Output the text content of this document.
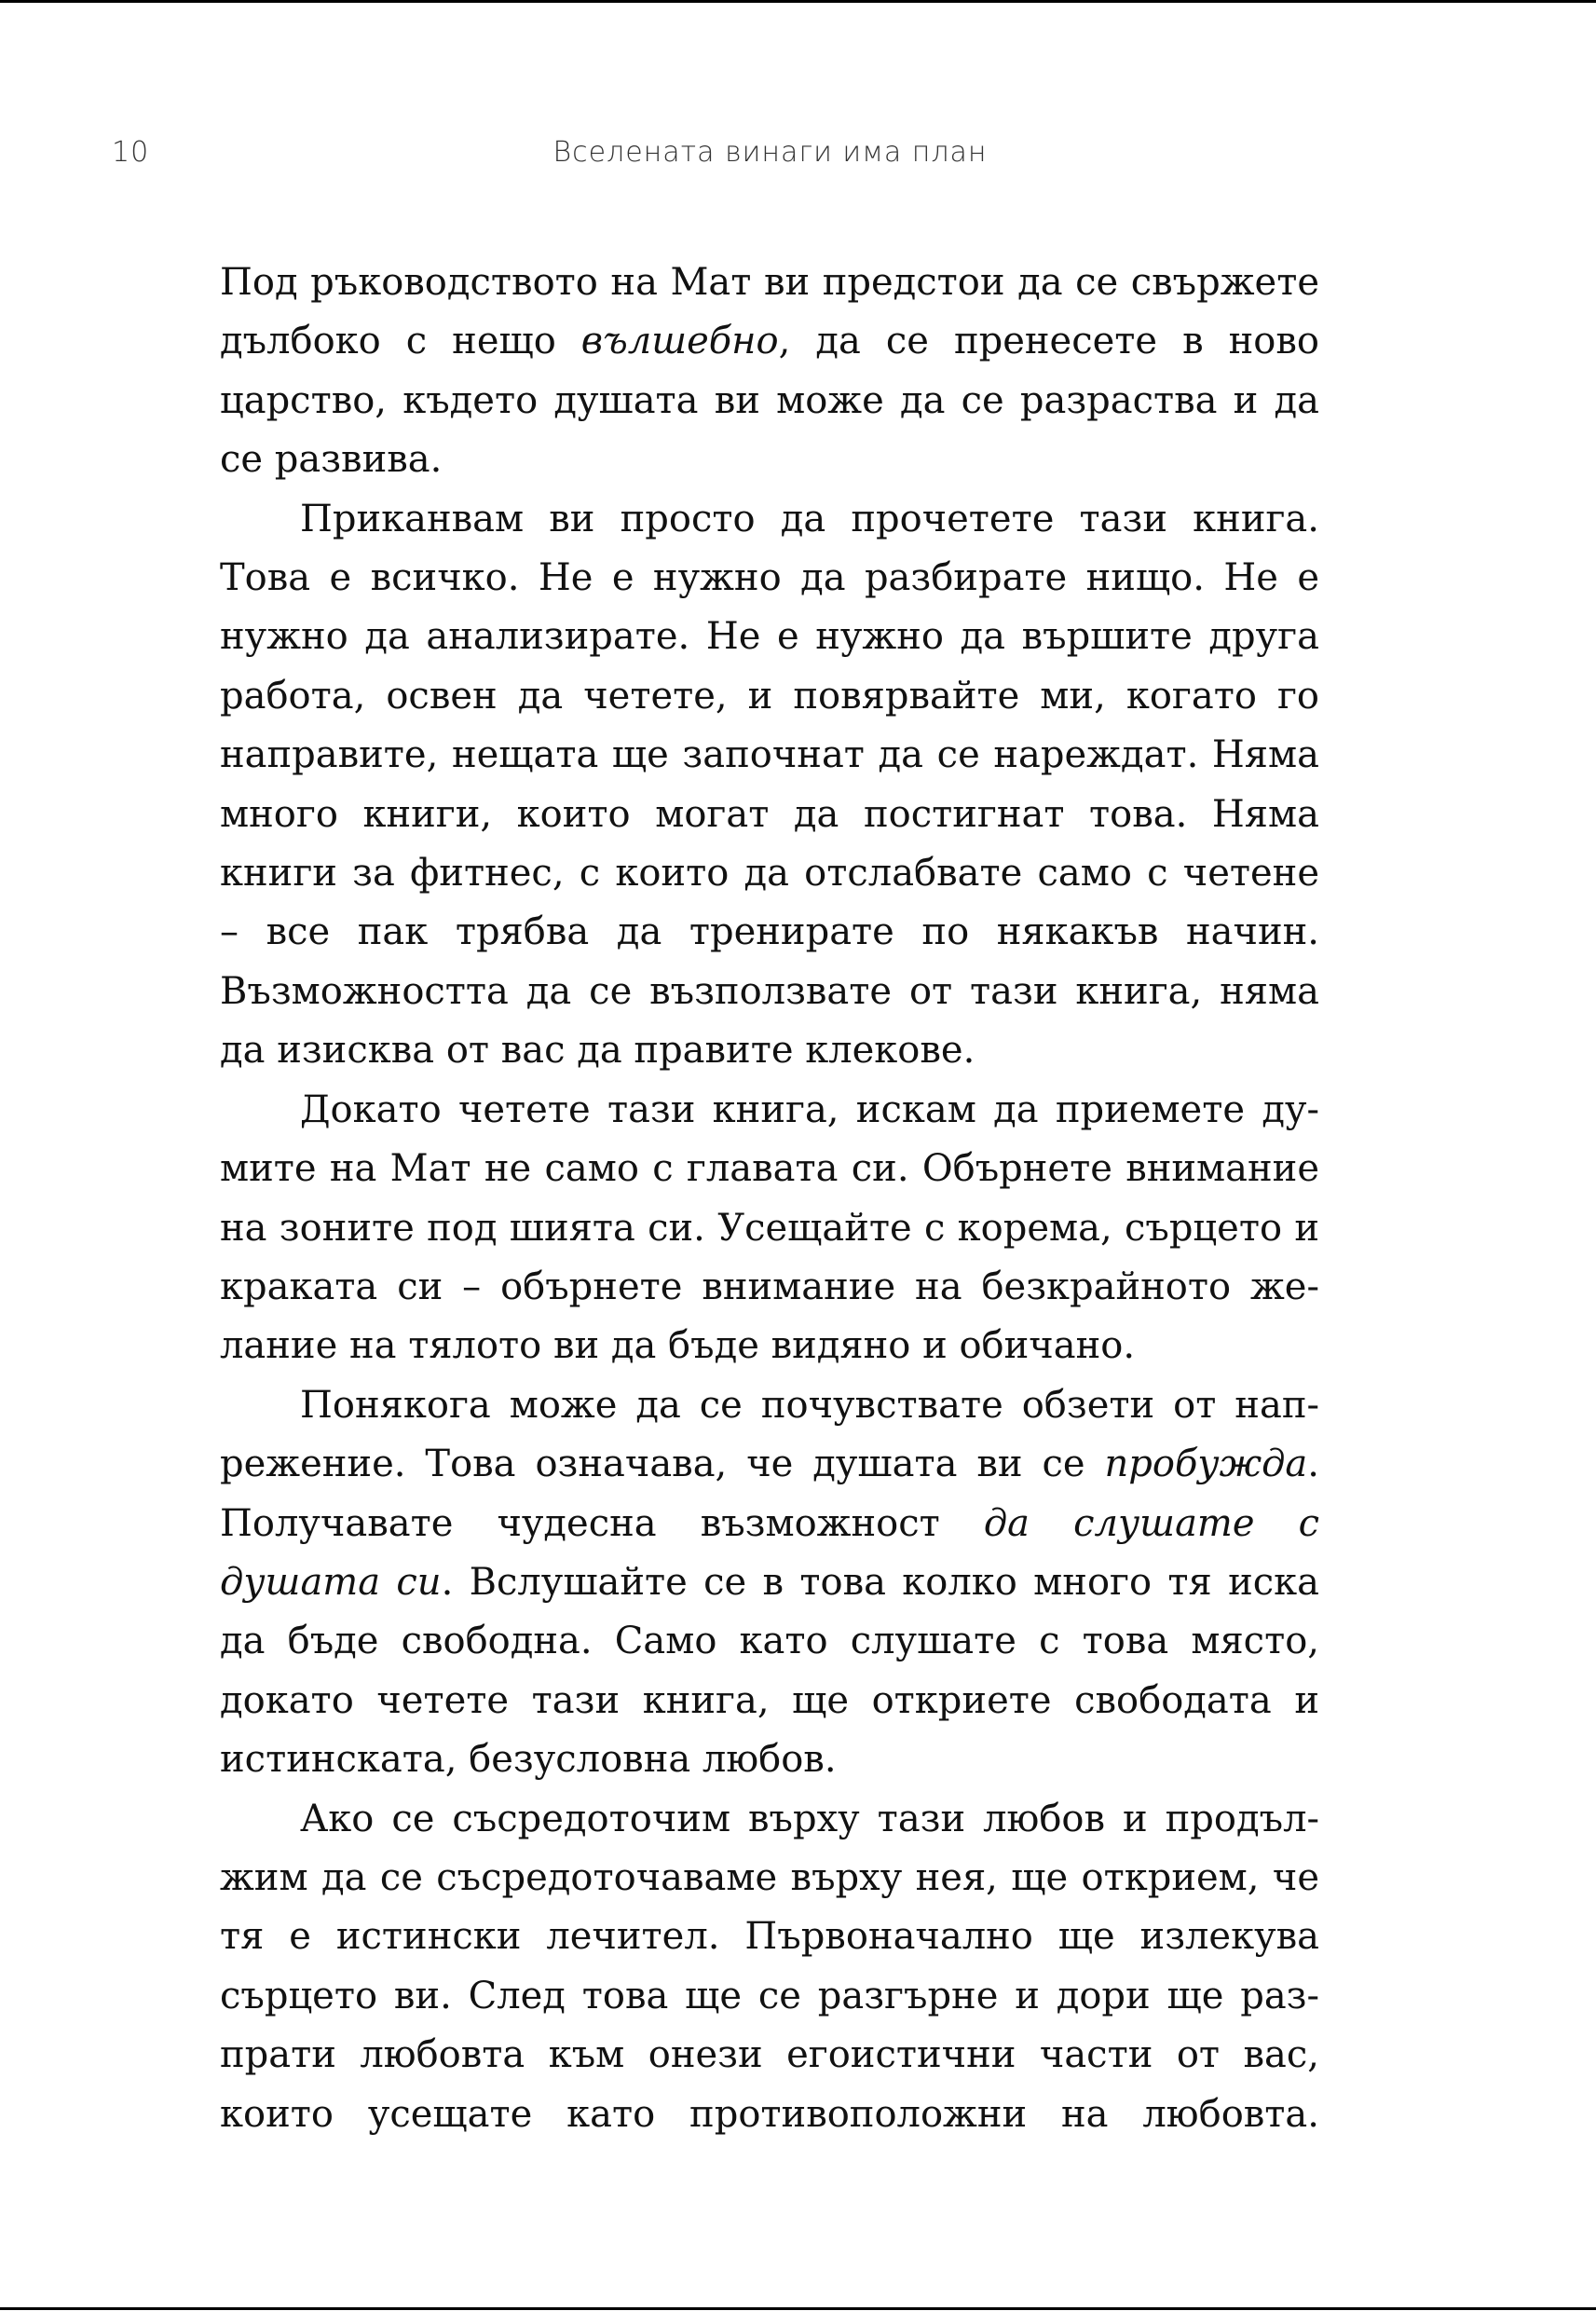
10	Вселената винаги има план

Под ръководството на Мат ви предстои да се свържете дълбоко с нещо вълшебно, да се пренесете в ново царство, където душата ви може да се разраства и да се развива.

Приканвам ви просто да прочетете тази книга. Това е всичко. Не е нужно да разбирате нищо. Не е нужно да анализирате. Не е нужно да вършите друга работа, освен да четете, и повярвайте ми, когато го направите, нещата ще започнат да се нареждат. Няма много книги, които могат да постигнат това. Няма книги за фитнес, с които да отслабвате само с четене – все пак трябва да тренирате по някакъв начин. Възможността да се възползвате от тази книга, няма да изисква от вас да правите клекове.

Докато четете тази книга, искам да приемете думите на Мат не само с главата си. Обърнете внимание на зоните под шията си. Усещайте с корема, сърцето и краката си – обърнете внимание на безкрайното желание на тялото ви да бъде видяно и обичано.

Понякога може да се почувствате обзети от напрежение. Това означава, че душата ви се пробужда. Получавате чудесна възможност да слушате с душата си. Вслушайте се в това колко много тя иска да бъде свободна. Само като слушате с това място, докато четете тази книга, ще откриете свободата и истинската, безусловна любов.

Ако се съсредоточим върху тази любов и продължим да се съсредоточаваме върху нея, ще открием, че тя е истински лечител. Първоначално ще излекува сърцето ви. След това ще се разгърне и дори ще разпрати любовта към онези егоистични части от вас, които усещате като противоположни на любовта.
